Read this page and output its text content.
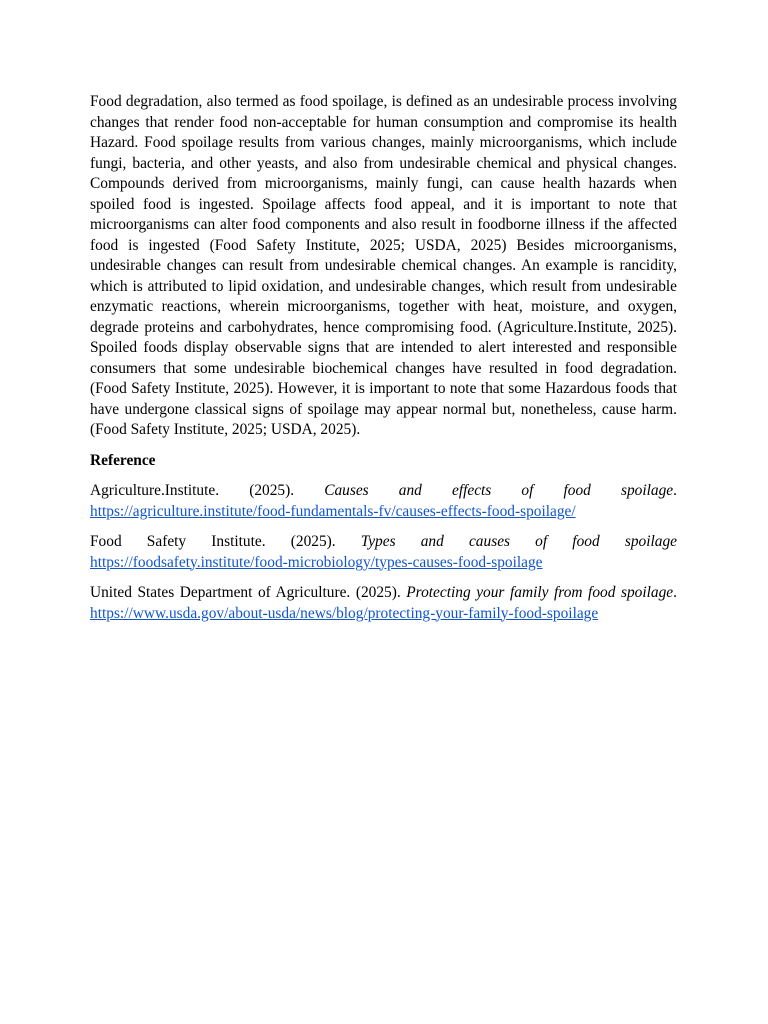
Food degradation, also termed as food spoilage, is defined as an undesirable process involving changes that render food non-acceptable for human consumption and compromise its health Hazard. Food spoilage results from various changes, mainly microorganisms, which include fungi, bacteria, and other yeasts, and also from undesirable chemical and physical changes. Compounds derived from microorganisms, mainly fungi, can cause health hazards when spoiled food is ingested. Spoilage affects food appeal, and it is important to note that microorganisms can alter food components and also result in foodborne illness if the affected food is ingested (Food Safety Institute, 2025; USDA, 2025) Besides microorganisms, undesirable changes can result from undesirable chemical changes. An example is rancidity, which is attributed to lipid oxidation, and undesirable changes, which result from undesirable enzymatic reactions, wherein microorganisms, together with heat, moisture, and oxygen, degrade proteins and carbohydrates, hence compromising food. (Agriculture.Institute, 2025). Spoiled foods display observable signs that are intended to alert interested and responsible consumers that some undesirable biochemical changes have resulted in food degradation. (Food Safety Institute, 2025). However, it is important to note that some Hazardous foods that have undergone classical signs of spoilage may appear normal but, nonetheless, cause harm. (Food Safety Institute, 2025; USDA, 2025).

Reference
Agriculture.Institute. (2025). Causes and effects of food spoilage. https://agriculture.institute/food-fundamentals-fv/causes-effects-food-spoilage/
Food Safety Institute. (2025). Types and causes of food spoilage https://foodsafety.institute/food-microbiology/types-causes-food-spoilage
United States Department of Agriculture. (2025). Protecting your family from food spoilage. https://www.usda.gov/about-usda/news/blog/protecting-your-family-food-spoilage
